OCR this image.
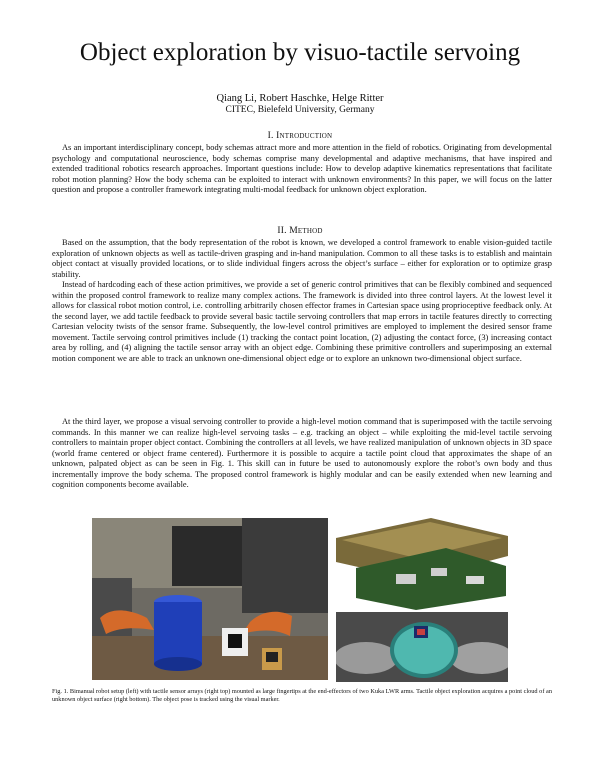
Object exploration by visuo-tactile servoing
Qiang Li, Robert Haschke, Helge Ritter
CITEC, Bielefeld University, Germany
I. Introduction

As an important interdisciplinary concept, body schemas attract more and more attention in the field of robotics. Originating from developmental psychology and computational neuroscience, body schemas comprise many developmental and adaptive mechanisms, that have inspired and extended traditional robotics research approaches. Important questions include: How to develop adaptive kinematics representations that facilitate robot motion planning? How the body schema can be exploited to interact with unknown environments? In this paper, we will focus on the latter question and propose a controller framework integrating multi-modal feedback for unknown object exploration.

II. Method

Based on the assumption, that the body representation of the robot is known, we developed a control framework to enable vision-guided tactile exploration of unknown objects as well as tactile-driven grasping and in-hand manipulation. Common to all these tasks is to establish and maintain object contact at visually provided locations, or to slide individual fingers across the object’s surface – either for exploration or to optimize grasp stability.

Instead of hardcoding each of these action primitives, we provide a set of generic control primitives that can be flexibly combined and sequenced within the proposed control framework to realize many complex actions. The framework is divided into three control layers. At the lowest level it allows for classical robot motion control, i.e. controlling arbitrarily chosen effector frames in Cartesian space using proprioceptive feedback only. At the second layer, we add tactile feedback to provide several basic tactile servoing controllers that map errors in tactile features directly to correcting Cartesian velocity twists of the sensor frame. Subsequently, the low-level control primitives are employed to implement the desired sensor frame movement. Tactile servoing control primitives include (1) tracking the contact point location, (2) adjusting the contact force, (3) increasing contact area by rolling, and (4) aligning the tactile sensor array with an object edge. Combining these primitive controllers and superimposing an external motion component we are able to track an unknown one-dimensional object edge or to explore an unknown two-dimensional object surface.

At the third layer, we propose a visual servoing controller to provide a high-level motion command that is superimposed with the tactile servoing commands. In this manner we can realize high-level servoing tasks – e.g. tracking an object – while exploiting the mid-level tactile servoing controllers to maintain proper object contact. Combining the controllers at all levels, we have realized manipulation of unknown objects in 3D space (world frame centered or object frame centered). Furthermore it is possible to acquire a tactile point cloud that approximates the shape of an unknown, palpated object as can be seen in Fig. 1. This skill can in future be used to autonomously explore the robot’s own body and thus incrementally improve the body schema. The proposed control framework is highly modular and can be easily extended when new learning and cognition components become available.

Fig. 1. Bimanual robot setup (left) with tactile sensor arrays (right top) mounted as large fingertips at the end-effectors of two Kuka LWR arms. Tactile object exploration acquires a point cloud of an unknown object surface (right bottom). The object pose is tracked using the visual marker.
